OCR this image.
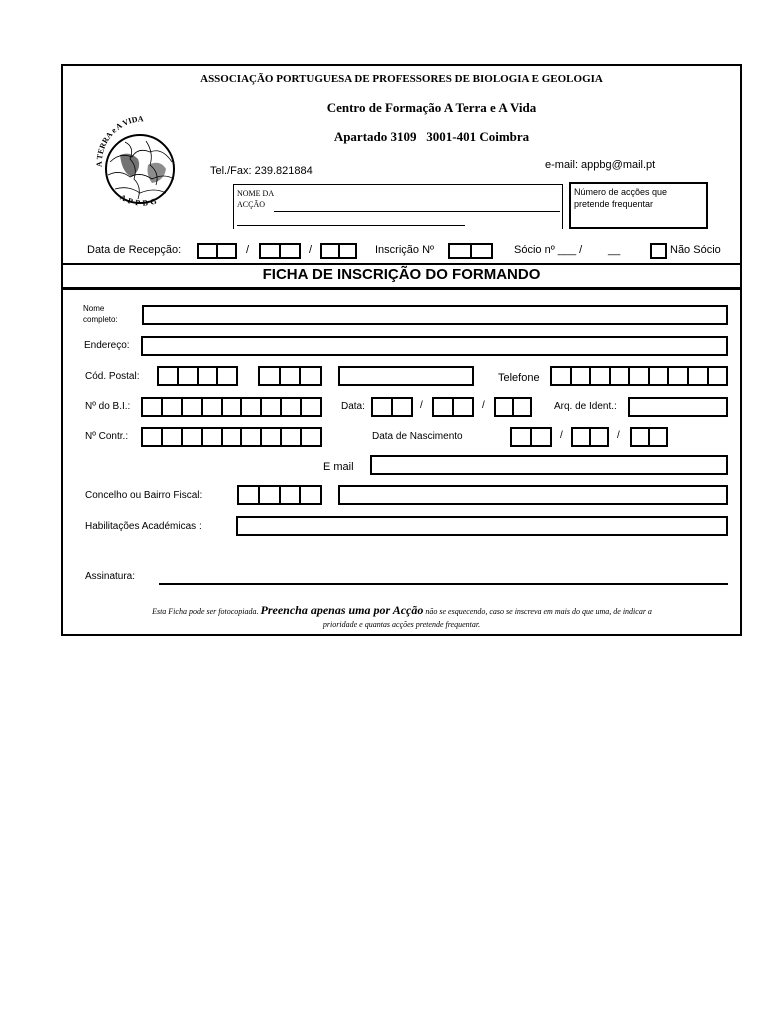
ASSOCIAÇÃO PORTUGUESA DE PROFESSORES DE BIOLOGIA E GEOLOGIA
Centro de Formação A Terra e A Vida
Apartado 3109   3001-401 Coimbra
A TERRA e A VIDA
APPBG
Tel./Fax: 239.821884	e-mail: appbg@mail.pt
NOME DA
ACÇÃO
Número de acções que pretende frequentar
Data de Recepção:	/	/	Inscrição Nº	Sócio nº ___ / __	Não Sócio
FICHA DE INSCRIÇÃO DO FORMANDO
Nome
completo:
Endereço:
Cód. Postal:	Telefone
Nº do B.I.:	Data:	/	/	Arq. de Ident.:
Nº Contr.:	Data de Nascimento	/	/
E mail
Concelho ou Bairro Fiscal:
Habilitações Académicas :
Assinatura:
Esta Ficha pode ser fotocopiada. Preencha apenas uma por Acção não se esquecendo, caso se inscreva em mais do que uma, de indicar a
prioridade e quantas acções pretende frequentar.
